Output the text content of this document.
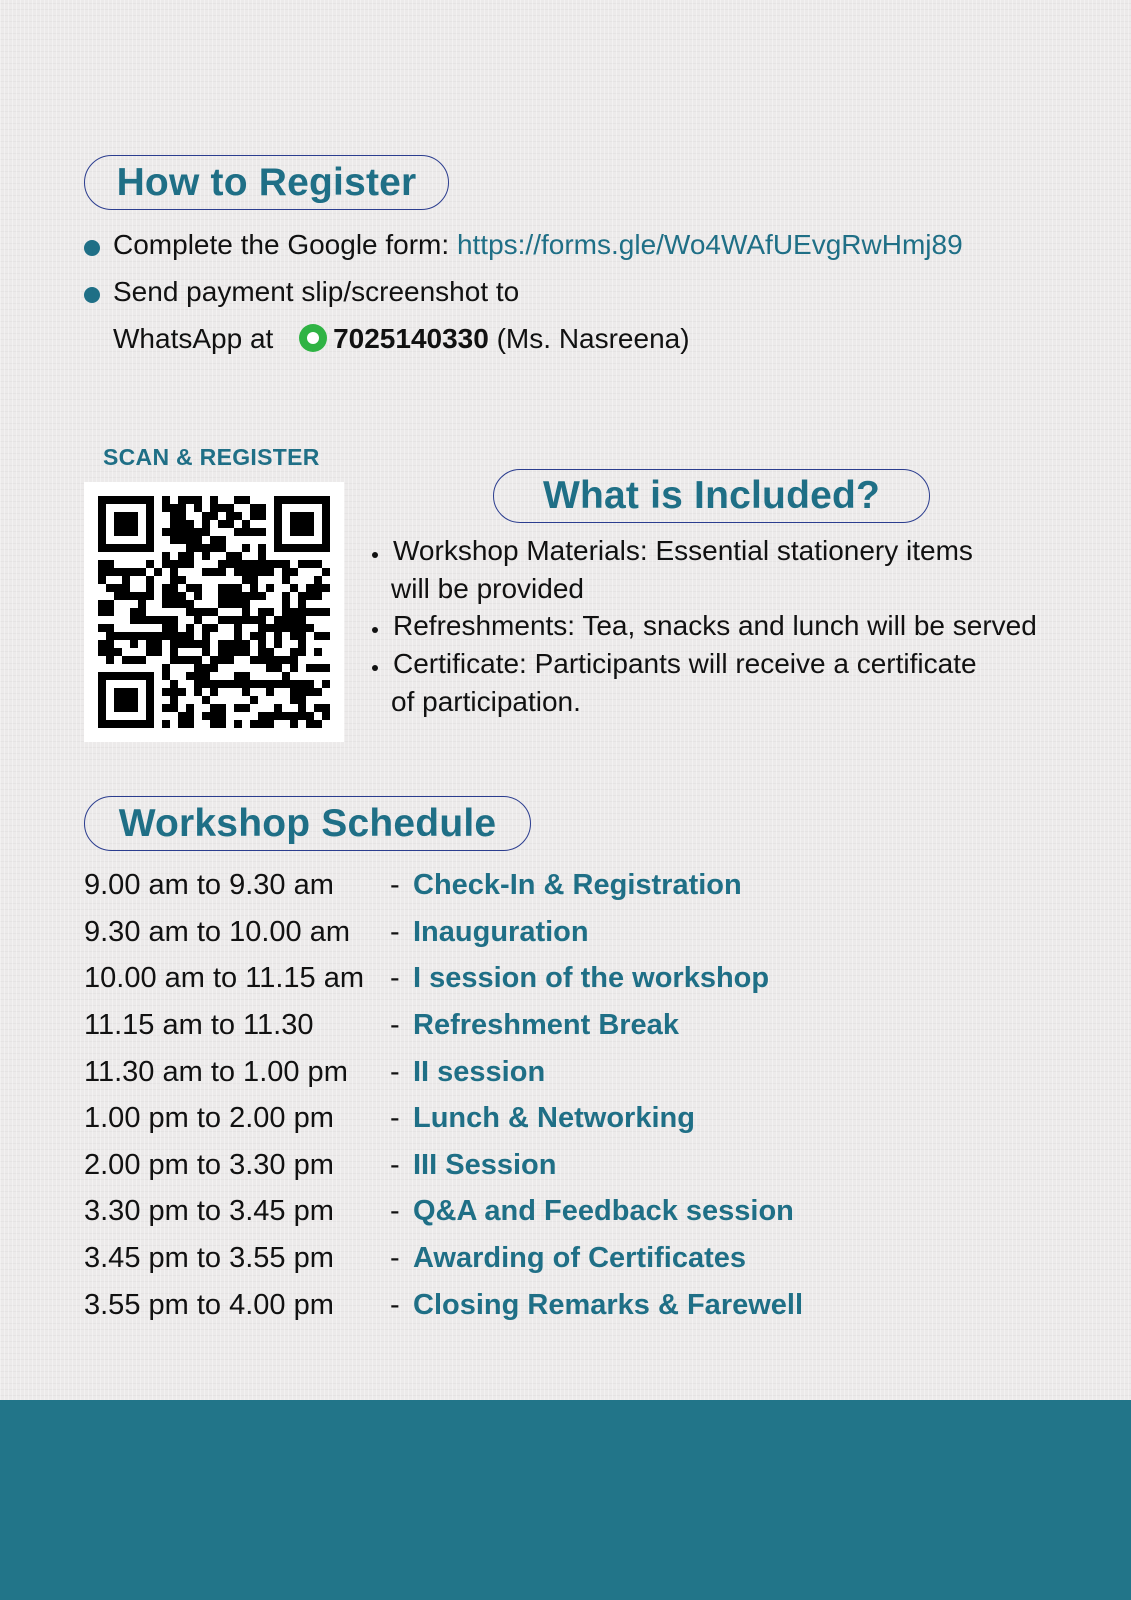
How to Register
Complete the Google form: https://forms.gle/Wo4WAfUEvgRwHmj89
Send payment slip/screenshot to
WhatsApp at 7025140330 (Ms. Nasreena)
SCAN & REGISTER
What is Included?
Workshop Materials: Essential stationery items
will be provided
Refreshments: Tea, snacks and lunch will be served
Certificate: Participants will receive a certificate
of participation.
Workshop Schedule
9.00 am to 9.30 am - Check-In & Registration
9.30 am to 10.00 am - Inauguration
10.00 am to 11.15 am - I session of the workshop
11.15 am to 11.30	- Refreshment Break
11.30 am to 1.00 pm - II session
1.00 pm to 2.00 pm - Lunch & Networking
2.00 pm to 3.30 pm - III Session
3.30 pm to 3.45 pm - Q&A and Feedback session
3.45 pm to 3.55 pm - Awarding of Certificates
3.55 pm to 4.00 pm - Closing Remarks & Farewell
